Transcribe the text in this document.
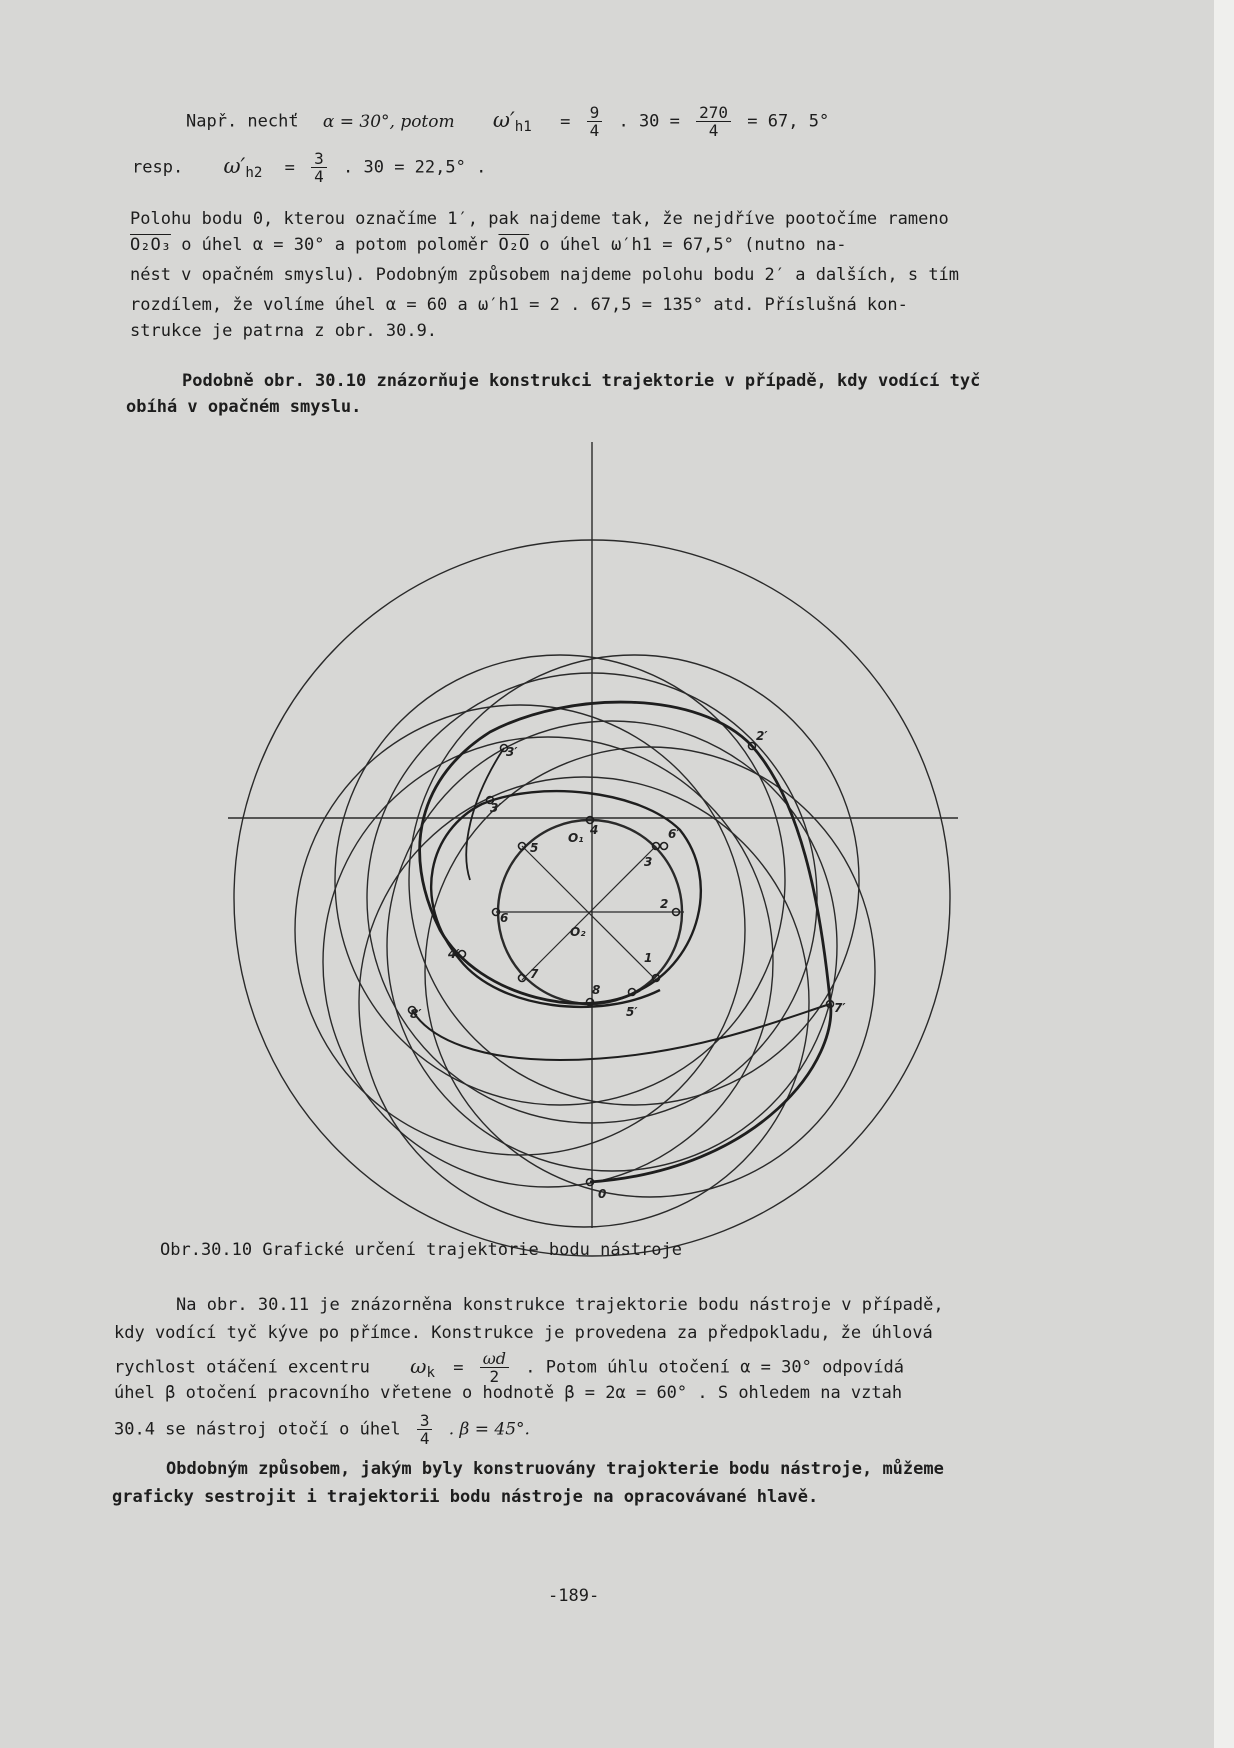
Např. nechť α = 30°, potom $\omega'_{h1} = \frac{9}{4}$ . $30 = \frac{270}{4} = 67$, 5°
resp. $\omega'_{h2} = \frac{3}{4}$ . 30 = 22,5° .
Polohu bodu 0, kterou označíme 1′, pak najdeme tak, že nejdříve pootočíme rameno
O₂O₃ o úhel α = 30° a potom poloměr O₂O o úhel ω′h1 = 67,5° (nutno na-
nést v opačném smyslu). Podobným způsobem najdeme polohu bodu 2′ a dalších, s tím
rozdílem, že volíme úhel α = 60 a ω′h1 = 2 . 67,5 = 135° atd. Příslušná kon-
strukce je patrna z obr. 30.9.
Podobně obr. 30.10 znázorňuje konstrukci trajektorie v případě, kdy vodící tyč
obíhá v opačném smyslu.
0
1
2
3
4
5
6
7
8
5′
2′
3′
3′
4′
6′
7′
8′
O₁
O₂
Obr.30.10 Grafické určení trajektorie bodu nástroje
Na obr. 30.11 je znázorněna konstrukce trajektorie bodu nástroje v případě,
kdy vodící tyč kýve po přímce. Konstrukce je provedena za předpokladu, že úhlová
rychlost otáčení excentru $\omega_k = \frac{\omega d}{2}$ . Potom úhlu otočení α = 30° odpovídá
úhel β otočení pracovního vřetene o hodnotě β = 2α = 60° . S ohledem na vztah
30.4 se nástroj otočí o úhel $\frac{3}{4}$ . β = 45°.
Obdobným způsobem, jakým byly konstruovány trajokterie bodu nástroje, můžeme
graficky sestrojit i trajektorii bodu nástroje na opracovávané hlavě.
-189-
